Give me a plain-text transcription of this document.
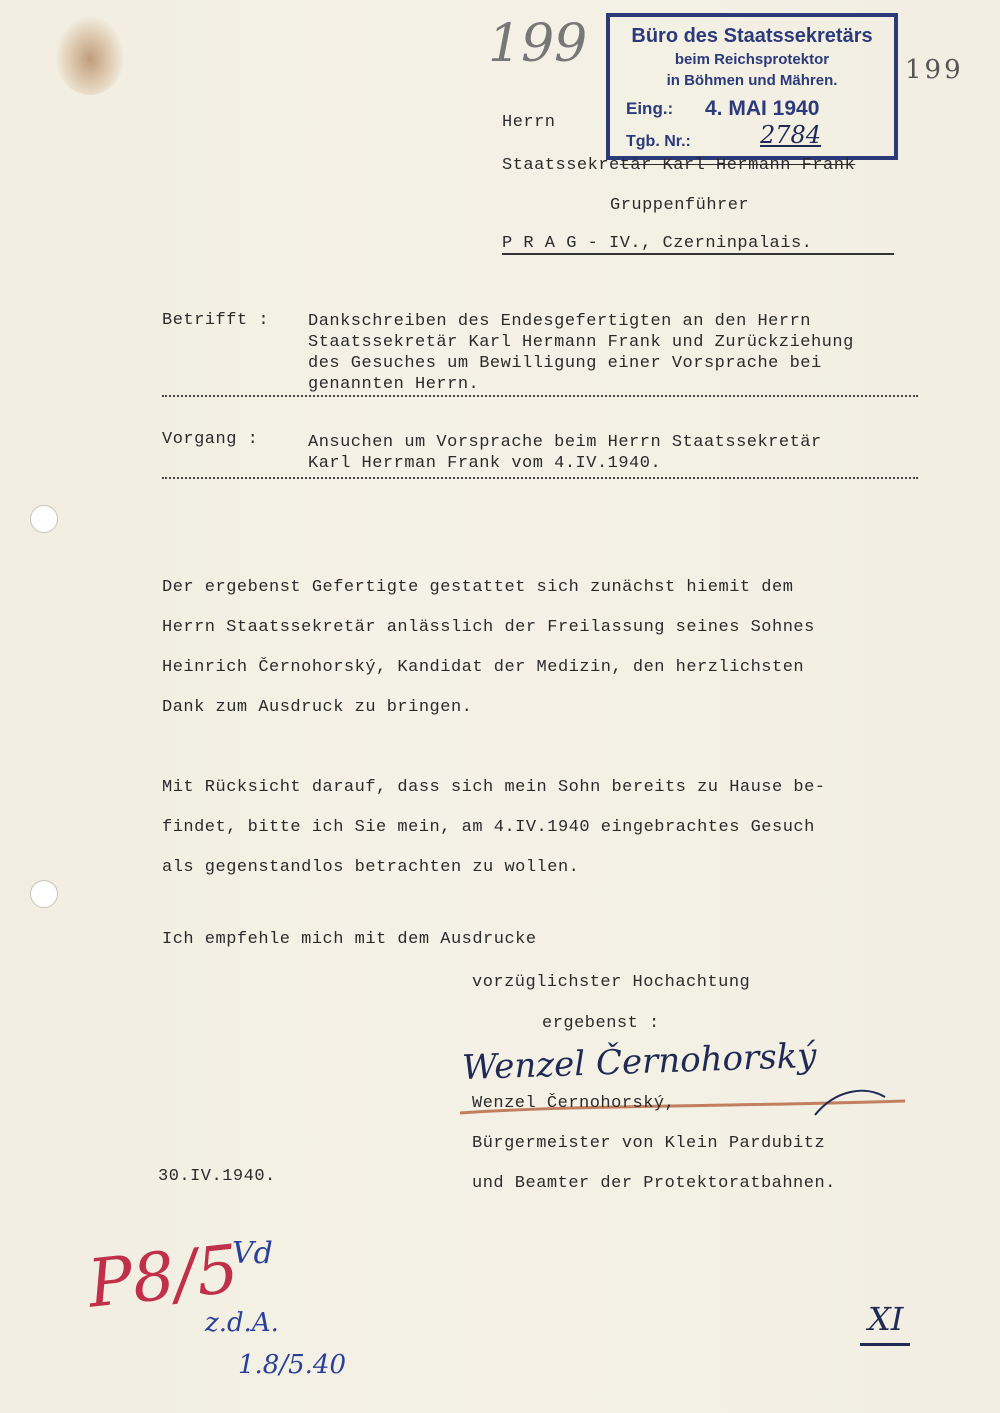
199	199
Büro des Staatssekretärs
beim Reichsprotektor
in Böhmen und Mähren.
Eing.: 4. MAI 1940
Tgb. Nr.:	2784
Herrn
Staatssekretär Karl Hermann Frank
Gruppenführer
P R A G - IV., Czerninpalais.
Betrifft : Dankschreiben des Endesgefertigten an den Herrn
Staatssekretär Karl Hermann Frank und Zurückziehung
des Gesuches um Bewilligung einer Vorsprache bei
genannten Herrn.
Vorgang :	Ansuchen um Vorsprache beim Herrn Staatssekretär
Karl Herrman Frank vom 4.IV.1940.
Der ergebenst Gefertigte gestattet sich zunächst hiemit dem
Herrn Staatssekretär anlässlich der Freilassung seines Sohnes
Heinrich Černohorský, Kandidat der Medizin, den herzlichsten
Dank zum Ausdruck zu bringen.
Mit Rücksicht darauf, dass sich mein Sohn bereits zu Hause be-
findet, bitte ich Sie mein, am 4.IV.1940 eingebrachtes Gesuch
als gegenstandlos betrachten zu wollen.
Ich empfehle mich mit dem Ausdrucke
vorzüglichster Hochachtung
ergebenst :
Wenzel Černohorský
Wenzel Černohorský,
Bürgermeister von Klein Pardubitz
und Beamter der Protektoratbahnen.
30.IV.1940.
P8/5
Vd
z.d.A.
1.8/5.40
XI
